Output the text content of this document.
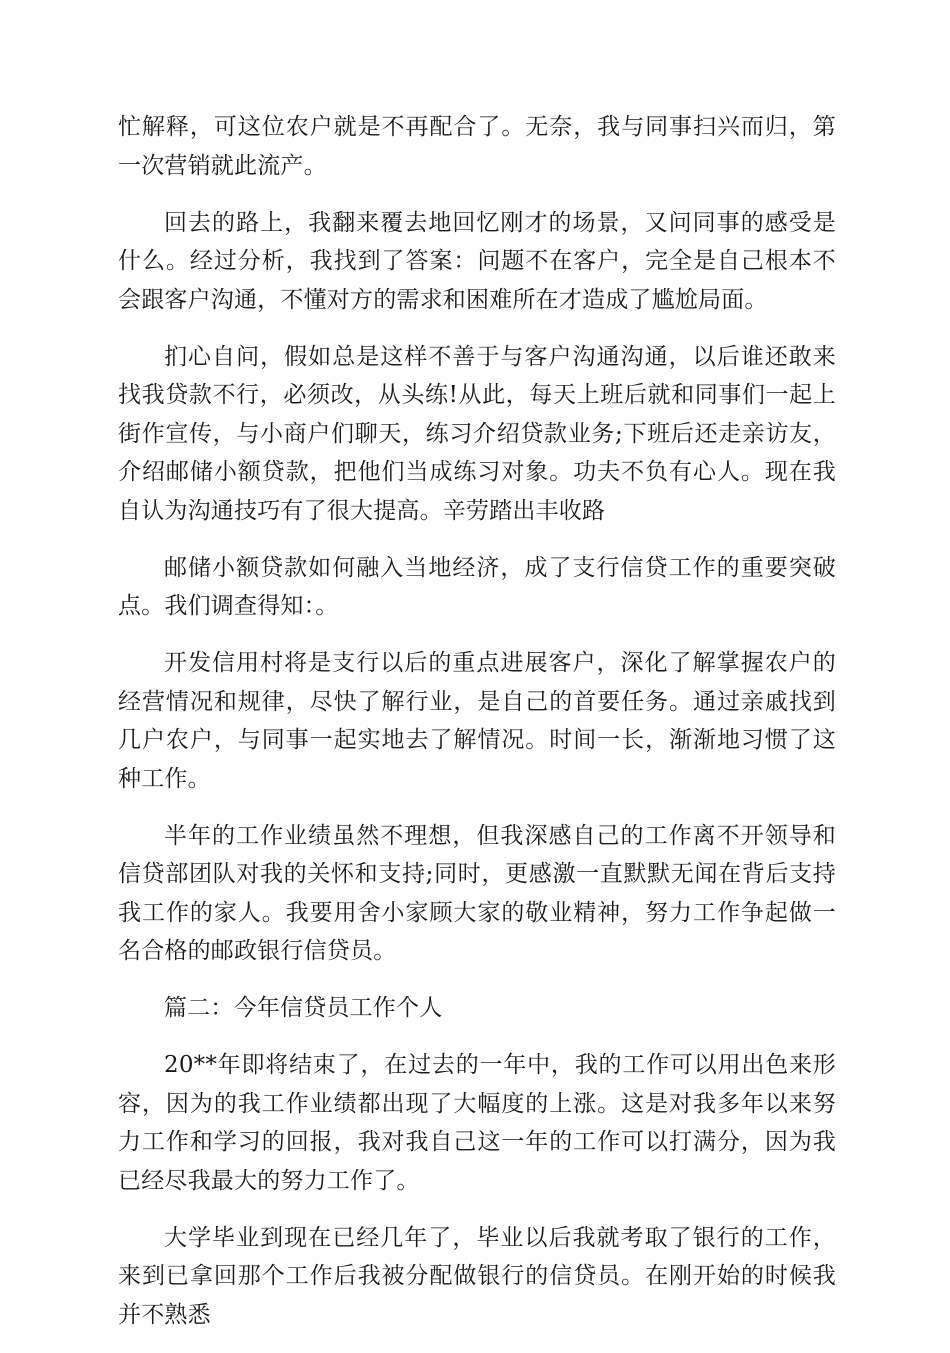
忙解释，可这位农户就是不再配合了。无奈，我与同事扫兴而归，第一次营销就此流产。

回去的路上，我翻来覆去地回忆刚才的场景，又问同事的感受是什么。经过分析，我找到了答案：问题不在客户，完全是自己根本不会跟客户沟通，不懂对方的需求和困难所在才造成了尴尬局面。

扪心自问，假如总是这样不善于与客户沟通沟通，以后谁还敢来找我贷款不行，必须改，从头练!从此，每天上班后就和同事们一起上街作宣传，与小商户们聊天，练习介绍贷款业务;下班后还走亲访友，介绍邮储小额贷款，把他们当成练习对象。功夫不负有心人。现在我自认为沟通技巧有了很大提高。辛劳踏出丰收路

邮储小额贷款如何融入当地经济，成了支行信贷工作的重要突破点。我们调查得知：。

开发信用村将是支行以后的重点进展客户，深化了解掌握农户的经营情况和规律，尽快了解行业，是自己的首要任务。通过亲戚找到几户农户，与同事一起实地去了解情况。时间一长，渐渐地习惯了这种工作。

半年的工作业绩虽然不理想，但我深感自己的工作离不开领导和信贷部团队对我的关怀和支持;同时，更感激一直默默无闻在背后支持我工作的家人。我要用舍小家顾大家的敬业精神，努力工作争起做一名合格的邮政银行信贷员。

篇二：今年信贷员工作个人

20**年即将结束了，在过去的一年中，我的工作可以用出色来形容，因为的我工作业绩都出现了大幅度的上涨。这是对我多年以来努力工作和学习的回报，我对我自己这一年的工作可以打满分，因为我已经尽我最大的努力工作了。

大学毕业到现在已经几年了，毕业以后我就考取了银行的工作，来到已拿回那个工作后我被分配做银行的信贷员。在刚开始的时候我并不熟悉
